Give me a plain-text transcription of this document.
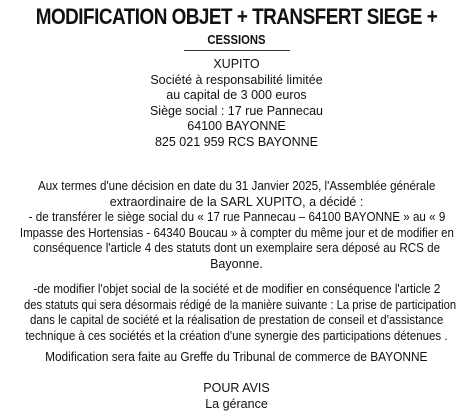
MODIFICATION OBJET + TRANSFERT SIEGE +
CESSIONS
XUPITO
Société à responsabilité limitée
au capital de 3 000 euros
Siège social : 17 rue Pannecau
64100 BAYONNE
825 021 959 RCS BAYONNE
Aux termes d'une décision en date du 31 Janvier 2025, l'Assemblée générale
extraordinaire de la SARL XUPITO, a décidé :
- de transférer le siège social du « 17 rue Pannecau – 64100 BAYONNE » au « 9
Impasse des Hortensias - 64340 Boucau » à compter du même jour et de modifier en
conséquence l'article 4 des statuts dont un exemplaire sera déposé au RCS de
Bayonne.
-de modifier l'objet social de la société et de modifier en conséquence l'article 2
des statuts qui sera désormais rédigé de la manière suivante : La prise de participation
dans le capital de société et la réalisation de prestation de conseil et d'assistance
technique à ces sociétés et la création d'une synergie des participations détenues .
Modification sera faite au Greffe du Tribunal de commerce de BAYONNE
POUR AVIS
La gérance
